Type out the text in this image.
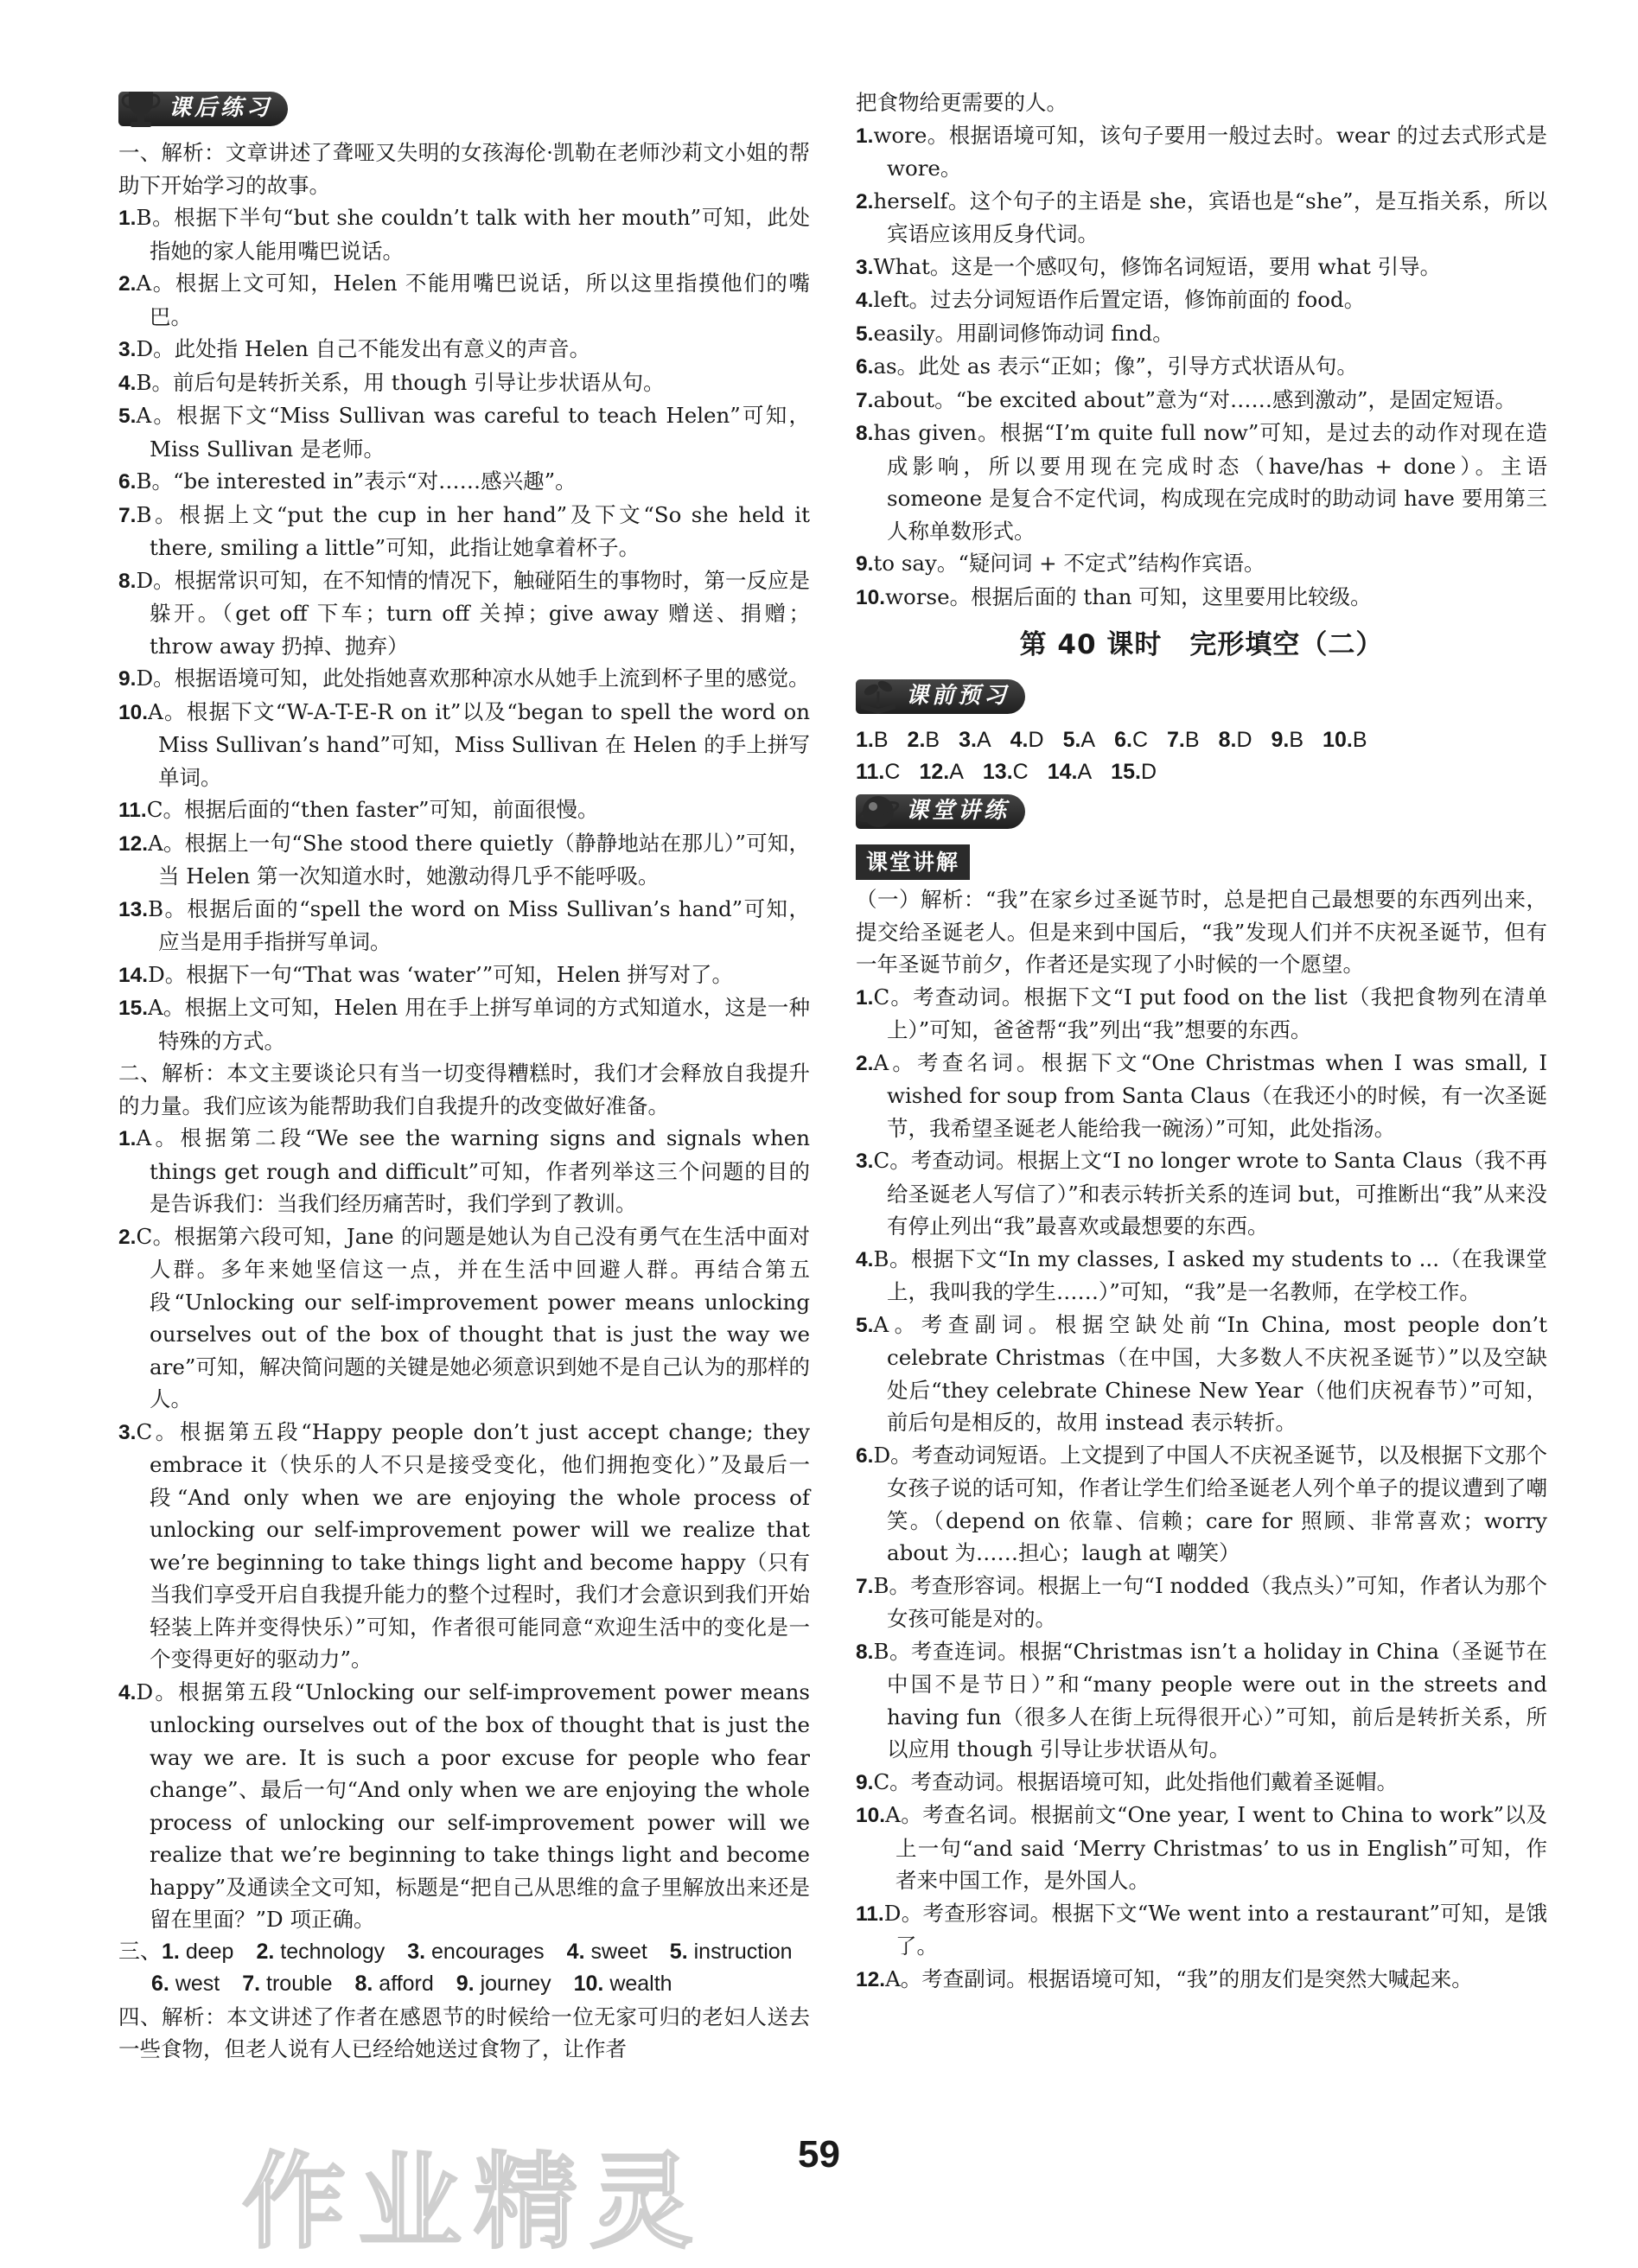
课后练习

一、解析：文章讲述了聋哑又失明的女孩海伦·凯勒在老师沙莉文小姐的帮助下开始学习的故事。

1.B。根据下半句“but she couldn’t talk with her mouth”可知，此处指她的家人能用嘴巴说话。

2.A。根据上文可知，Helen 不能用嘴巴说话，所以这里指摸他们的嘴巴。

3.D。此处指 Helen 自己不能发出有意义的声音。

4.B。前后句是转折关系，用 though 引导让步状语从句。

5.A。根据下文“Miss Sullivan was careful to teach Helen”可知，Miss Sullivan 是老师。

6.B。“be interested in”表示“对……感兴趣”。

7.B。根据上文“put the cup in her hand”及下文“So she held it there, smiling a little”可知，此指让她拿着杯子。

8.D。根据常识可知，在不知情的情况下，触碰陌生的事物时，第一反应是躲开。（get off 下车；turn off 关掉；give away 赠送、捐赠；throw away 扔掉、抛弃）

9.D。根据语境可知，此处指她喜欢那种凉水从她手上流到杯子里的感觉。

10.A。根据下文“W-A-T-E-R on it”以及“began to spell the word on Miss Sullivan’s hand”可知，Miss Sullivan 在 Helen 的手上拼写单词。

11.C。根据后面的“then faster”可知，前面很慢。

12.A。根据上一句“She stood there quietly（静静地站在那儿）”可知，当 Helen 第一次知道水时，她激动得几乎不能呼吸。

13.B。根据后面的“spell the word on Miss Sullivan’s hand”可知，应当是用手指拼写单词。

14.D。根据下一句“That was ‘water’”可知，Helen 拼写对了。

15.A。根据上文可知，Helen 用在手上拼写单词的方式知道水，这是一种特殊的方式。

二、解析：本文主要谈论只有当一切变得糟糕时，我们才会释放自我提升的力量。我们应该为能帮助我们自我提升的改变做好准备。

1.A。根据第二段“We see the warning signs and signals when things get rough and difficult”可知，作者列举这三个问题的目的是告诉我们：当我们经历痛苦时，我们学到了教训。

2.C。根据第六段可知，Jane 的问题是她认为自己没有勇气在生活中面对人群。多年来她坚信这一点，并在生活中回避人群。再结合第五段“Unlocking our self-improvement power means unlocking ourselves out of the box of thought that is just the way we are”可知，解决简问题的关键是她必须意识到她不是自己认为的那样的人。

3.C。根据第五段“Happy people don’t just accept change; they embrace it（快乐的人不只是接受变化，他们拥抱变化）”及最后一段“And only when we are enjoying the whole process of unlocking our self-improvement power will we realize that we’re beginning to take things light and become happy（只有当我们享受开启自我提升能力的整个过程时，我们才会意识到我们开始轻装上阵并变得快乐）”可知，作者很可能同意“欢迎生活中的变化是一个变得更好的驱动力”。

4.D。根据第五段“Unlocking our self-improvement power means unlocking ourselves out of the box of thought that is just the way we are. It is such a poor excuse for people who fear change”、最后一句“And only when we are enjoying the whole process of unlocking our self-improvement power will we realize that we’re beginning to take things light and become happy”及通读全文可知，标题是“把自己从思维的盒子里解放出来还是留在里面？”D 项正确。

三、1. deep 2. technology 3. encourages 4. sweet 5. instruction
6. west 7. trouble 8. afford 9. journey 10. wealth

四、解析：本文讲述了作者在感恩节的时候给一位无家可归的老妇人送去一些食物，但老人说有人已经给她送过食物了，让作者

把食物给更需要的人。

1.wore。根据语境可知，该句子要用一般过去时。wear 的过去式形式是 wore。

2.herself。这个句子的主语是 she，宾语也是“she”，是互指关系，所以宾语应该用反身代词。

3.What。这是一个感叹句，修饰名词短语，要用 what 引导。

4.left。过去分词短语作后置定语，修饰前面的 food。

5.easily。用副词修饰动词 find。

6.as。此处 as 表示“正如；像”，引导方式状语从句。

7.about。“be excited about”意为“对……感到激动”，是固定短语。

8.has given。根据“I’m quite full now”可知，是过去的动作对现在造成影响，所以要用现在完成时态（have/has + done）。主语 someone 是复合不定代词，构成现在完成时的助动词 have 要用第三人称单数形式。

9.to say。“疑问词 + 不定式”结构作宾语。

10.worse。根据后面的 than 可知，这里要用比较级。

第 40 课时　完形填空（二）
课前预习
1.B 2.B 3.A 4.D 5.A 6.C 7.B 8.D 9.B 10.B
11.C 12.A 13.C 14.A 15.D
课堂讲练
课堂讲解

（一）解析：“我”在家乡过圣诞节时，总是把自己最想要的东西列出来，提交给圣诞老人。但是来到中国后，“我”发现人们并不庆祝圣诞节，但有一年圣诞节前夕，作者还是实现了小时候的一个愿望。

1.C。考查动词。根据下文“I put food on the list（我把食物列在清单上）”可知，爸爸帮“我”列出“我”想要的东西。

2.A。考查名词。根据下文“One Christmas when I was small, I wished for soup from Santa Claus（在我还小的时候，有一次圣诞节，我希望圣诞老人能给我一碗汤）”可知，此处指汤。

3.C。考查动词。根据上文“I no longer wrote to Santa Claus（我不再给圣诞老人写信了）”和表示转折关系的连词 but，可推断出“我”从来没有停止列出“我”最喜欢或最想要的东西。

4.B。根据下文“In my classes, I asked my students to ...（在我课堂上，我叫我的学生……）”可知，“我”是一名教师，在学校工作。

5.A。考查副词。根据空缺处前“In China, most people don’t celebrate Christmas（在中国，大多数人不庆祝圣诞节）”以及空缺处后“they celebrate Chinese New Year（他们庆祝春节）”可知，前后句是相反的，故用 instead 表示转折。

6.D。考查动词短语。上文提到了中国人不庆祝圣诞节，以及根据下文那个女孩子说的话可知，作者让学生们给圣诞老人列个单子的提议遭到了嘲笑。（depend on 依靠、信赖；care for 照顾、非常喜欢；worry about 为……担心；laugh at 嘲笑）

7.B。考查形容词。根据上一句“I nodded（我点头）”可知，作者认为那个女孩可能是对的。

8.B。考查连词。根据“Christmas isn’t a holiday in China（圣诞节在中国不是节日）”和“many people were out in the streets and having fun（很多人在街上玩得很开心）”可知，前后是转折关系，所以应用 though 引导让步状语从句。

9.C。考查动词。根据语境可知，此处指他们戴着圣诞帽。

10.A。考查名词。根据前文“One year, I went to China to work”以及上一句“and said ‘Merry Christmas’ to us in English”可知，作者来中国工作，是外国人。

11.D。考查形容词。根据下文“We went into a restaurant”可知，是饿了。

12.A。考查副词。根据语境可知，“我”的朋友们是突然大喊起来。

作业精灵	59
